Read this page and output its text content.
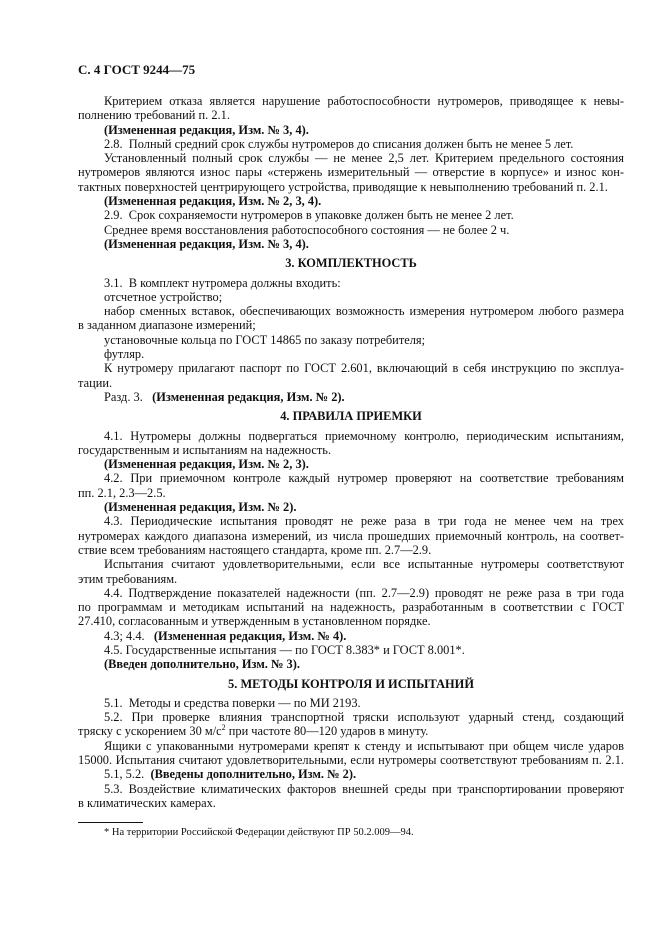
С. 4 ГОСТ 9244—75
Критерием отказа является нарушение работоспособности нутромеров, приводящее к невы-
полнению требований п. 2.1.
(Измененная редакция, Изм. № 3, 4).
2.8.  Полный средний срок службы нутромеров до списания должен быть не менее 5 лет.
Установленный полный срок службы — не менее 2,5 лет. Критерием предельного состояния
нутромеров являются износ пары «стержень измерительный — отверстие в корпусе» и износ кон-
тактных поверхностей центрирующего устройства, приводящие к невыполнению требований п. 2.1.
(Измененная редакция, Изм. № 2, 3, 4).
2.9.  Срок сохраняемости нутромеров в упаковке должен быть не менее 2 лет.
Среднее время восстановления работоспособного состояния — не более 2 ч.
(Измененная редакция, Изм. № 3, 4).
3. КОМПЛЕКТНОСТЬ
3.1.  В комплект нутромера должны входить:
отсчетное устройство;
набор сменных вставок, обеспечивающих возможность измерения нутромером любого размера
в заданном диапазоне измерений;
установочные кольца по ГОСТ 14865 по заказу потребителя;
футляр.
К нутромеру прилагают паспорт по ГОСТ 2.601, включающий в себя инструкцию по эксплуа-
тации.
Разд. 3.   (Измененная редакция, Изм. № 2).
4. ПРАВИЛА ПРИЕМКИ
4.1. Нутромеры должны подвергаться приемочному контролю, периодическим испытаниям,
государственным и испытаниям на надежность.
(Измененная редакция, Изм. № 2, 3).
4.2. При приемочном контроле каждый нутромер проверяют на соответствие требованиям
пп. 2.1, 2.3—2.5.
(Измененная редакция, Изм. № 2).
4.3. Периодические испытания проводят не реже раза в три года не менее чем на трех
нутромерах каждого диапазона измерений, из числа прошедших приемочный контроль, на соответ-
ствие всем требованиям настоящего стандарта, кроме пп. 2.7—2.9.
Испытания считают удовлетворительными, если все испытанные нутромеры соответствуют
этим требованиям.
4.4. Подтверждение показателей надежности (пп. 2.7—2.9) проводят не реже раза в три года
по программам и методикам испытаний на надежность, разработанным в соответствии с ГОСТ
27.410, согласованным и утвержденным в установленном порядке.
4.3; 4.4.   (Измененная редакция, Изм. № 4).
4.5. Государственные испытания — по ГОСТ 8.383* и ГОСТ 8.001*.
(Введен дополнительно, Изм. № 3).
5. МЕТОДЫ КОНТРОЛЯ И ИСПЫТАНИЙ
5.1.  Методы и средства поверки — по МИ 2193.
5.2. При проверке влияния транспортной тряски используют ударный стенд, создающий
тряску с ускорением 30 $м/с^2$ при частоте 80—120 ударов в минуту.
Ящики с упакованными нутромерами крепят к стенду и испытывают при общем числе ударов
15000. Испытания считают удовлетворительными, если нутромеры соответствуют требованиям п. 2.1.
5.1, 5.2.  (Введены дополнительно, Изм. № 2).
5.3. Воздействие климатических факторов внешней среды при транспортировании проверяют
в климатических камерах.
* На территории Российской Федерации действуют ПР 50.2.009—94.
